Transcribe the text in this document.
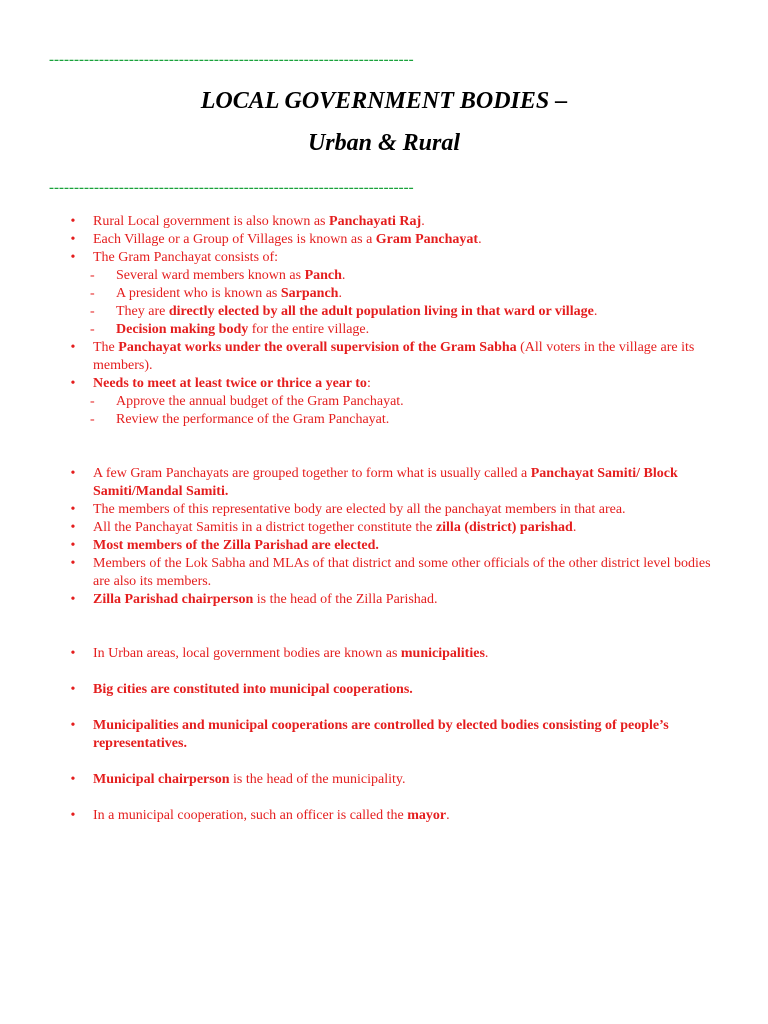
-------------------------------------------------------------------------
LOCAL GOVERNMENT BODIES –
Urban & Rural
-------------------------------------------------------------------------
• Rural Local government is also known as Panchayati Raj.
• Each Village or a Group of Villages is known as a Gram Panchayat.
• The Gram Panchayat consists of:
- Several ward members known as Panch.
- A president who is known as Sarpanch.
- They are directly elected by all the adult population living in that ward or village.
- Decision making body for the entire village.
• The Panchayat works under the overall supervision of the Gram Sabha (All voters in the village are its members).
• Needs to meet at least twice or thrice a year to:
- Approve the annual budget of the Gram Panchayat.
- Review the performance of the Gram Panchayat.
• A few Gram Panchayats are grouped together to form what is usually called a Panchayat Samiti/ Block Samiti/Mandal Samiti.
• The members of this representative body are elected by all the panchayat members in that area.
• All the Panchayat Samitis in a district together constitute the zilla (district) parishad.
• Most members of the Zilla Parishad are elected.
• Members of the Lok Sabha and MLAs of that district and some other officials of the other district level bodies are also its members.
• Zilla Parishad chairperson is the head of the Zilla Parishad.
• In Urban areas, local government bodies are known as municipalities.
• Big cities are constituted into municipal cooperations.
• Municipalities and municipal cooperations are controlled by elected bodies consisting of people’s representatives.
• Municipal chairperson is the head of the municipality.
• In a municipal cooperation, such an officer is called the mayor.
